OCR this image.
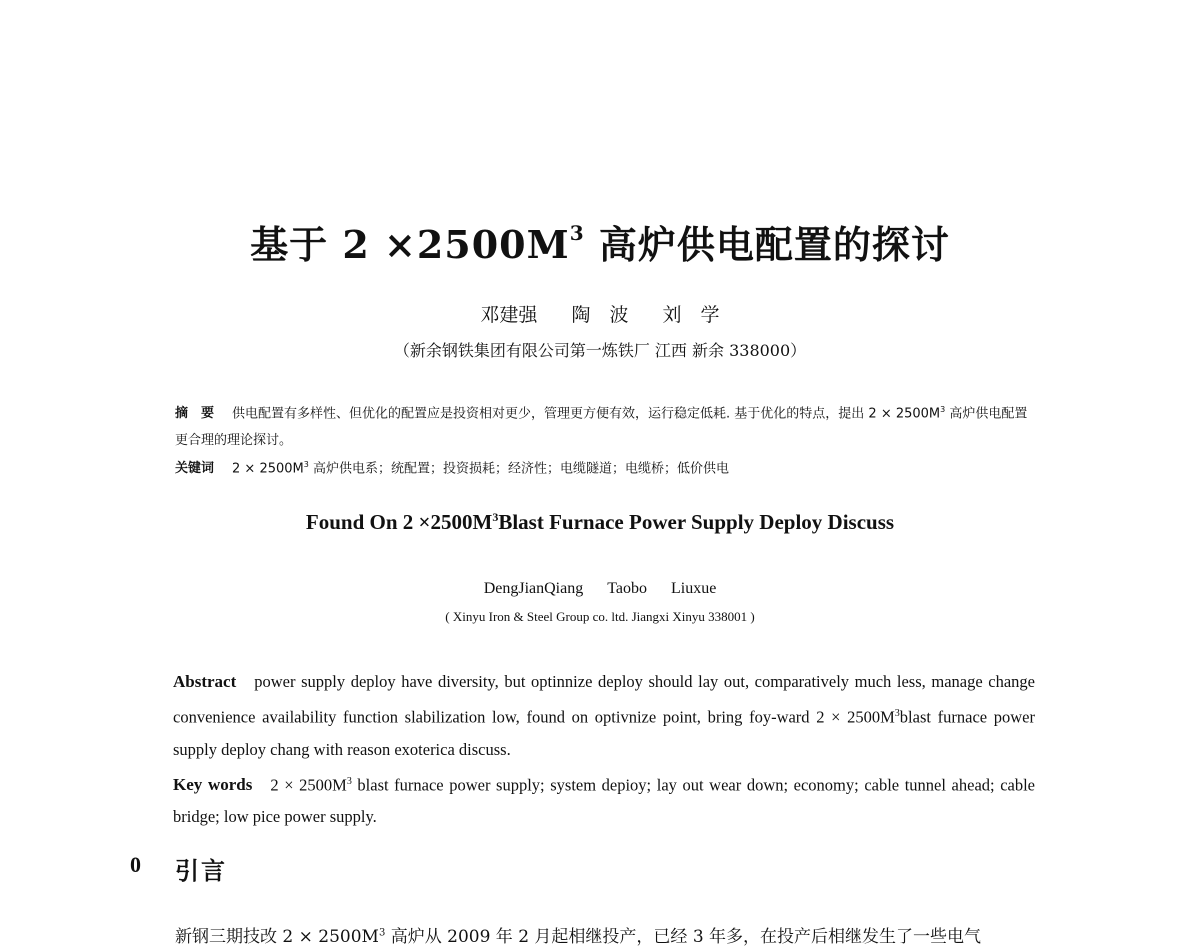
基于 $2 \times 2500M^3$ 高炉供电配置的探讨
邓建强 陶　波 刘　学
（新余钢铁集团有限公司第一炼铁厂 江西 新余 338000）
摘　要 供电配置有多样性、但优化的配置应是投资相对更少，管理更方便有效，运行稳定低耗. 基于优化的特点，提出 $2 \times 2500M^3$ 高炉供电配置更合理的理论探讨。
关键词 $2 \times 2500M^3$ 高炉供电系；统配置；投资损耗；经济性；电缆隧道；电缆桥；低价供电
Found On $2 \times 2500M^3Blast$ Furnace Power Supply Deploy Discuss
DengJianQiang Taobo Liuxue
( Xinyu Iron & Steel Group co. ltd. Jiangxi Xinyu 338001 )
Abstract power supply deploy have diversity, but optinnize deploy should lay out, comparatively much less, manage change convenience availability function slabilization low, found on optivnize point, bring foy-ward $2 \times 2500M^3blast$ furnace power supply deploy chang with reason exoterica discuss.
Key words $2 \times 2500M^3$ blast furnace power supply; system depioy; lay out wear down; economy; cable tunnel ahead; cable bridge; low pice power supply.
0 引言
新钢三期技改 $2 \times 2500M^3$ 高炉从 2009 年 2 月起相继投产，已经 3 年多，在投产后相继发生了一些电气
